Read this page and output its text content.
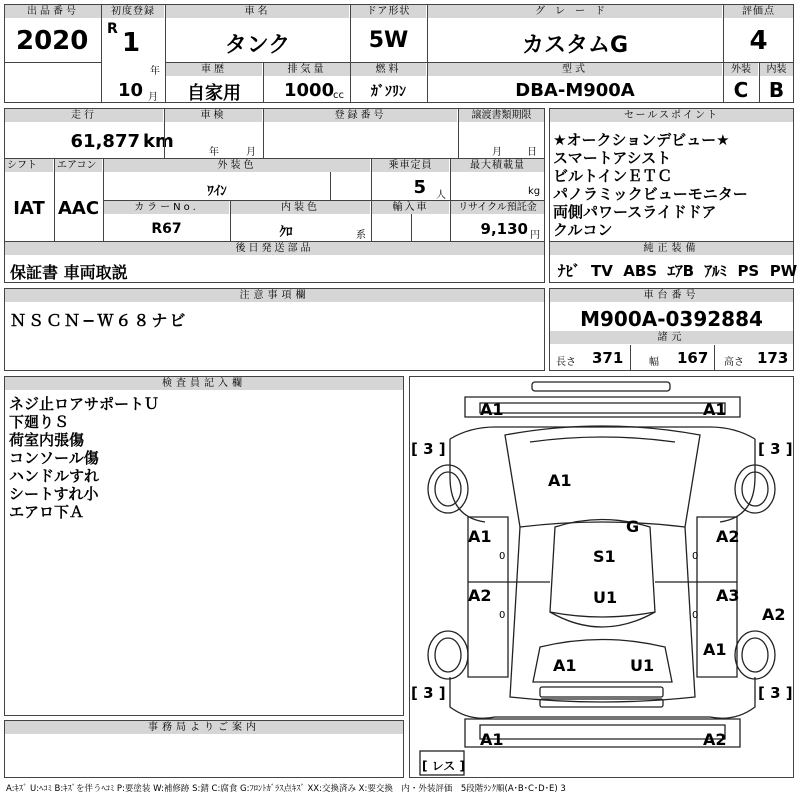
出品番号
2020
初度登録
R 1
年
10 月
車名
タンク
ドア形状
5W
グレード
カスタムG
評価点
4
車歴
自家用
排気量
1000
cc
燃料
ｶﾞｿﾘﾝ
型式
DBA-M900A
外装	内装
C	B
走行
61,877 km
車検
年	月
登録番号	譲渡書類期限
月	日
シフト
IAT
エアコン
AAC
外装色
ﾜｲﾝ
乗車定員
5 人
最大積載量
kg
カラーNo.
R67
内装色
ｸﾛ	系
輸入車	リサイクル預託金
9,130 円
後日発送部品
保証書 車両取説
セールスポイント
★オークションデビュー★
スマートアシスト
ビルトインＥＴＣ
パノラミックビューモニター
両側パワースライドドア
クルコン
純正装備
ﾅﾋﾞ TV ABS ｴｱB ｱﾙﾐ PS PW
注意事項欄
ＮＳＣＮ−Ｗ６８ナビ
車台番号
M900A-0392884
諸元
長さ 371	幅 167 高さ 173
検査員記入欄
ネジ止ロアサポートＵ
下廻りＳ
荷室内張傷
コンソール傷
ハンドルすれ
シートすれ小
エアロ下Ａ
事務局よりご案内
A1	A1
A1
G
A1	A2
S1
A2	U1	A3
A2
A1
A1	U1
A1	A2
0	0
0	0
[ 3 ]	[ 3 ]
[ 3 ]	[ 3 ]
[ レス ]
A:ｷｽﾞ U:ﾍｺﾐ B:ｷｽﾞを伴うﾍｺﾐ P:要塗装 W:補修跡 S:錆 C:腐食 G:ﾌﾛﾝﾄｶﾞﾗｽ点ｷｽﾞ XX:交換済み X:要交換　内・外装評価　5段階ﾗﾝｸ順(A･B･C･D･E) 3
